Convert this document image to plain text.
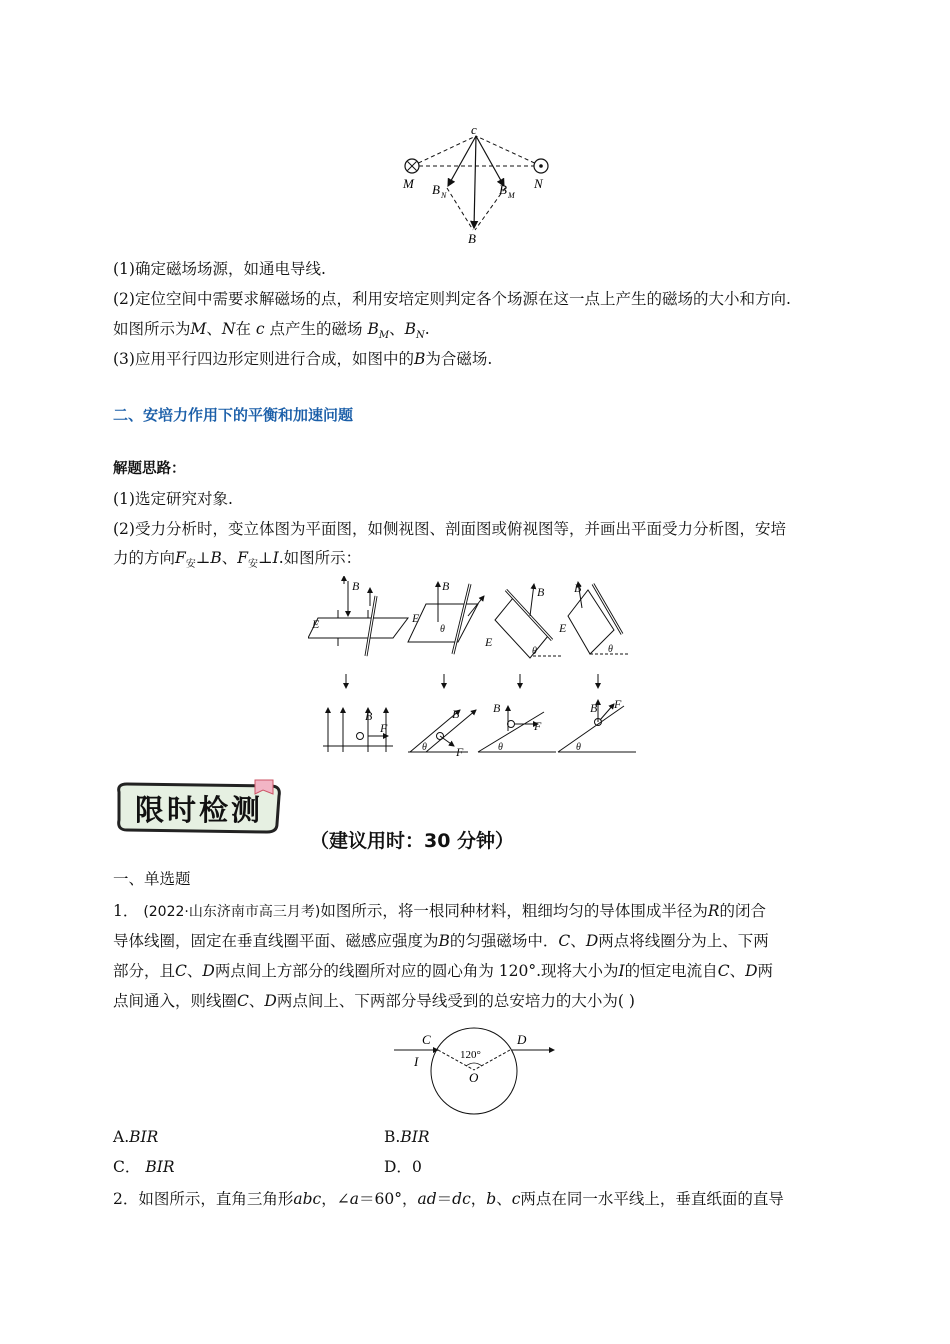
c
M	N
B N	B M
B
(1)确定磁场场源，如通电导线.
(2)定位空间中需要求解磁场的点，利用安培定则判定各个场源在这一点上产生的磁场的大小和方向.
如图所示为M、N在 c 点产生的磁场 $B_M$、$B_N$.
(3)应用平行四边形定则进行合成，如图中的B为合磁场.
二、安培力作用下的平衡和加速问题
解题思路：
(1)选定研究对象.
(2)受力分析时，变立体图为平面图，如侧视图、剖面图或俯视图等，并画出平面受力分析图，安培
力的方向$F_安\perp B$、$F_安\perp I$.如图所示：
B
E
B
E
θ
B
E
θ
B
E
θ
B
F
B
F
θ
B
F
θ
B F
θ
限时检测
（建议用时：30 分钟）
一、单选题
1． (2022·山东济南市高三月考)如图所示，将一根同种材料，粗细均匀的导体围成半径为R的闭合
导体线圈，固定在垂直线圈平面、磁感应强度为B的匀强磁场中．C、D两点将线圈分为上、下两
部分，且C、D两点间上方部分的线圈所对应的圆心角为 120°.现将大小为I的恒定电流自C、D两
点间通入，则线圈C、D两点间上、下两部分导线受到的总安培力的大小为( )
C	D
I
O
120°
A.BIR	B.BIR
C． BIR	D．0
2．如图所示，直角三角形abc，∠a＝60°，ad＝dc，b、c两点在同一水平线上，垂直纸面的直导
